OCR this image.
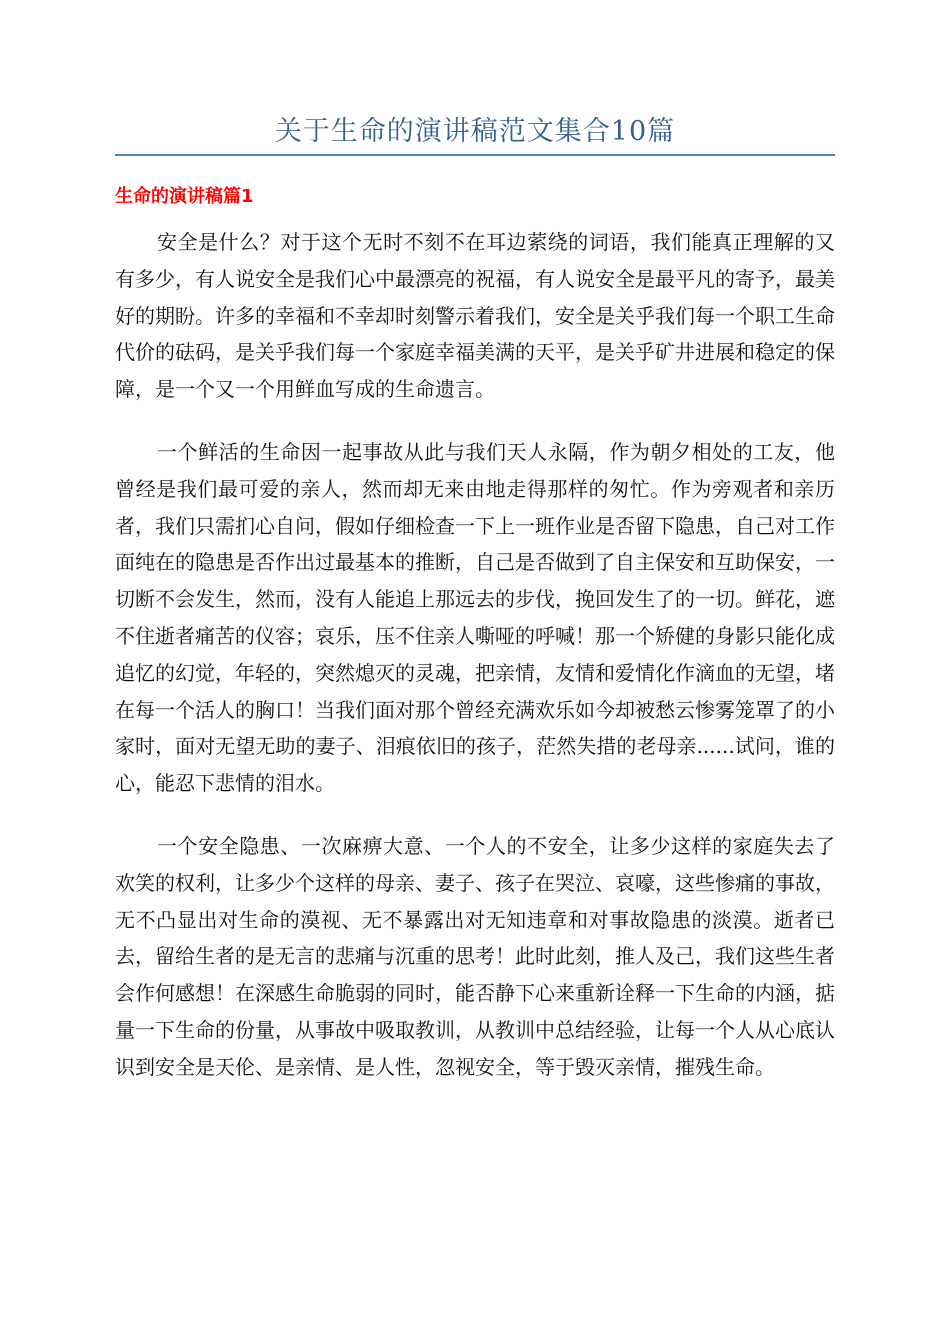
关于生命的演讲稿范文集合10篇
生命的演讲稿篇1

安全是什么？对于这个无时不刻不在耳边萦绕的词语，我们能真正理解的又有多少，有人说安全是我们心中最漂亮的祝福，有人说安全是最平凡的寄予，最美好的期盼。许多的幸福和不幸却时刻警示着我们，安全是关乎我们每一个职工生命代价的砝码，是关乎我们每一个家庭幸福美满的天平，是关乎矿井进展和稳定的保障，是一个又一个用鲜血写成的生命遗言。

一个鲜活的生命因一起事故从此与我们天人永隔，作为朝夕相处的工友，他曾经是我们最可爱的亲人，然而却无来由地走得那样的匆忙。作为旁观者和亲历者，我们只需扪心自问，假如仔细检查一下上一班作业是否留下隐患，自己对工作面纯在的隐患是否作出过最基本的推断，自己是否做到了自主保安和互助保安，一切断不会发生，然而，没有人能追上那远去的步伐，挽回发生了的一切。鲜花，遮不住逝者痛苦的仪容；哀乐，压不住亲人嘶哑的呼喊！那一个矫健的身影只能化成追忆的幻觉，年轻的，突然熄灭的灵魂，把亲情，友情和爱情化作滴血的无望，堵在每一个活人的胸口！当我们面对那个曾经充满欢乐如今却被愁云惨雾笼罩了的小家时，面对无望无助的妻子、泪痕依旧的孩子，茫然失措的老母亲......试问，谁的心，能忍下悲情的泪水。

一个安全隐患、一次麻痹大意、一个人的不安全，让多少这样的家庭失去了欢笑的权利，让多少个这样的母亲、妻子、孩子在哭泣、哀嚎，这些惨痛的事故，无不凸显出对生命的漠视、无不暴露出对无知违章和对事故隐患的淡漠。逝者已去，留给生者的是无言的悲痛与沉重的思考！此时此刻，推人及己，我们这些生者会作何感想！在深感生命脆弱的同时，能否静下心来重新诠释一下生命的内涵，掂量一下生命的份量，从事故中吸取教训，从教训中总结经验，让每一个人从心底认识到安全是天伦、是亲情、是人性，忽视安全，等于毁灭亲情，摧残生命。
